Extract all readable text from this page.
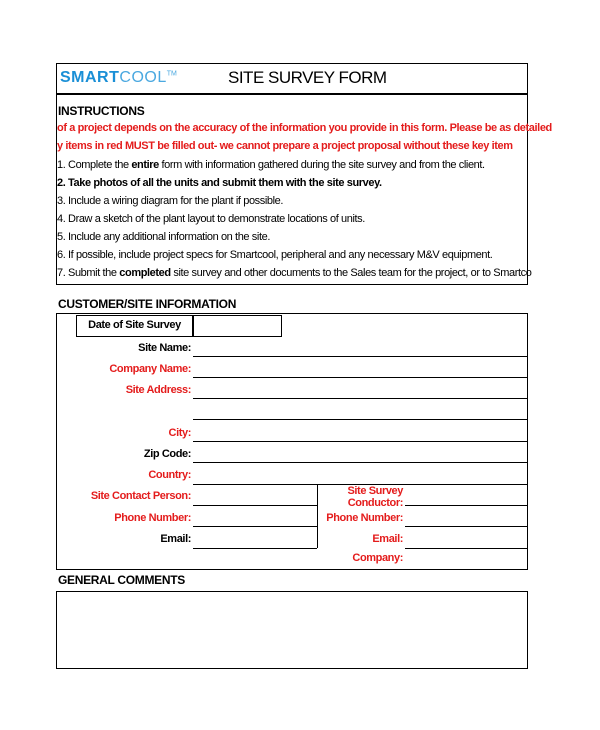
SMARTCOOL™	SITE SURVEY FORM
INSTRUCTIONS
of a project depends on the accuracy of the information you provide in this form. Please be as detailed
y items in red MUST be filled out- we cannot prepare a project proposal without these key item
1. Complete the entire form with information gathered during the site survey and from the client.
2. Take photos of all the units and submit them with the site survey.
3. Include a wiring diagram for the plant if possible.
4. Draw a sketch of the plant layout to demonstrate locations of units.
5. Include any additional information on the site.
6. If possible, include project specs for Smartcool, peripheral and any necessary M&V equipment.
7. Submit the completed site survey and other documents to the Sales team for the project, or to Smartco
CUSTOMER/SITE INFORMATION
Date of Site Survey
Site Name:
Company Name:
Site Address:
City:
Zip Code:
Country:
Site Contact Person:
Phone Number:
Email:
Site Survey
Conductor:
Phone Number:
Email:
Company:
GENERAL COMMENTS
